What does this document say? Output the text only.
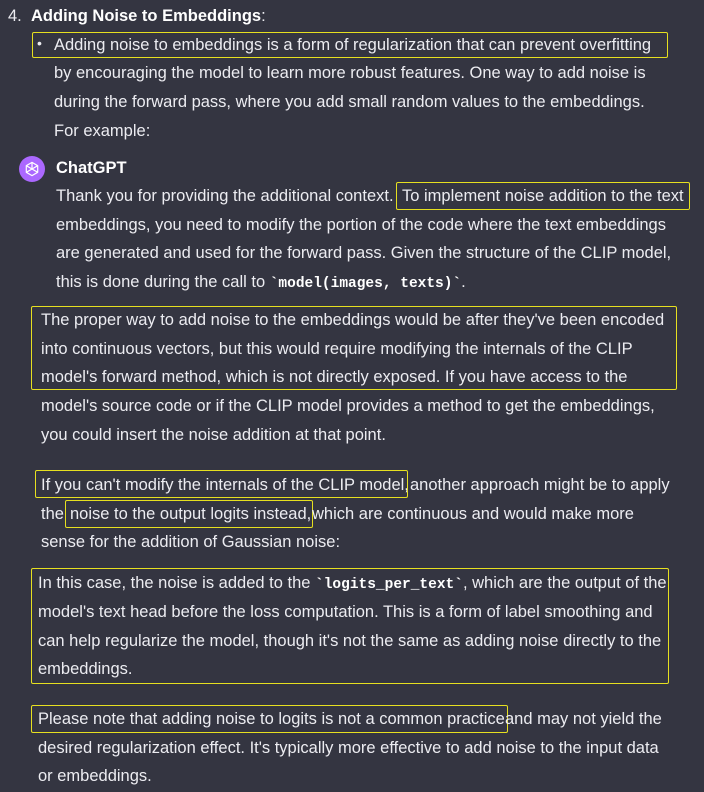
4. Adding Noise to Embeddings:
• Adding noise to embeddings is a form of regularization that can prevent overfitting
by encouraging the model to learn more robust features. One way to add noise is
during the forward pass, where you add small random values to the embeddings.
For example:
ChatGPT
Thank you for providing the additional context. To implement noise addition to the text
embeddings, you need to modify the portion of the code where the text embeddings
are generated and used for the forward pass. Given the structure of the CLIP model,
this is done during the call to `model(images, texts)`.
The proper way to add noise to the embeddings would be after they've been encoded
into continuous vectors, but this would require modifying the internals of the CLIP
model's forward method, which is not directly exposed. If you have access to the
model's source code or if the CLIP model provides a method to get the embeddings,
you could insert the noise addition at that point.
If you can't modify the internals of the CLIP model, another approach might be to apply
the noise to the output logits instead, which are continuous and would make more
sense for the addition of Gaussian noise:
In this case, the noise is added to the `logits_per_text`, which are the output of the
model's text head before the loss computation. This is a form of label smoothing and
can help regularize the model, though it's not the same as adding noise directly to the
embeddings.
Please note that adding noise to logits is not a common practice and may not yield the
desired regularization effect. It's typically more effective to add noise to the input data
or embeddings.
